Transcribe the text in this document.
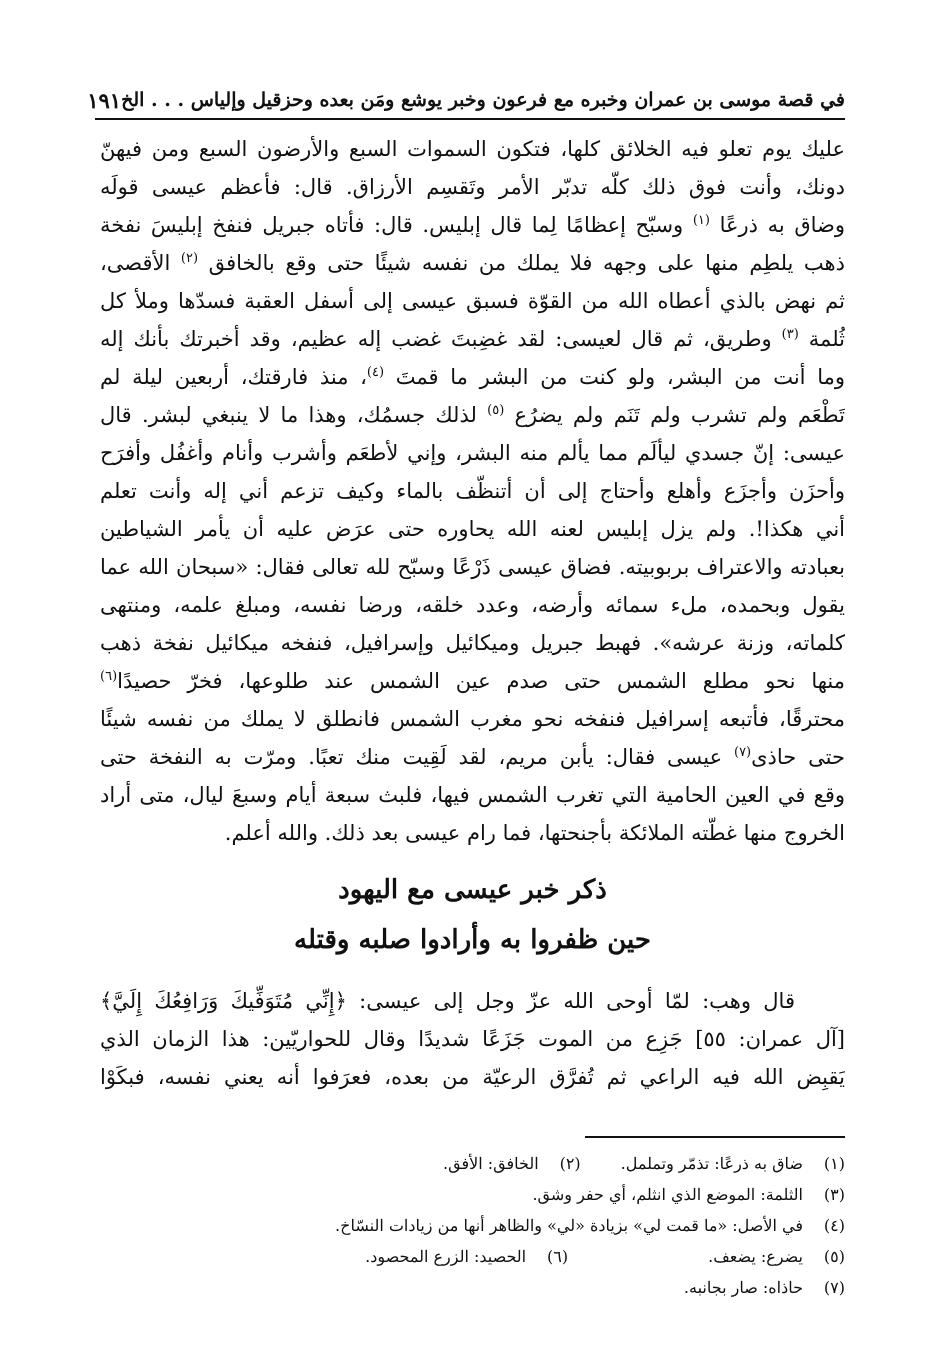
في قصة موسى بن عمران وخبره مع فرعون وخبر يوشع ومَن بعده وحزقيل وإلياس . . . الخ
١٩١
عليك يوم تعلو فيه الخلائق كلها، فتكون السموات السبع والأرضون السبع ومن فيهنّ
دونك، وأنت فوق ذلك كلّه تدبّر الأمر وتَقسِم الأرزاق. قال: فأعظم عيسى قولَه
وضاق به ذرعًا $^{(١)}$ وسبّح إعظامًا لِما قال إبليس. قال: فأتاه جبريل فنفخ إبليسَ نفخة
ذهب يلطِم منها على وجهه فلا يملك من نفسه شيئًا حتى وقع بالخافق $^{(٢)}$ الأقصى،
ثم نهض بالذي أعطاه الله من القوّة فسبق عيسى إلى أسفل العقبة فسدّها وملأ كل
ثُلمة $^{(٣)}$ وطريق، ثم قال لعيسى: لقد غضِبتَ غضب إله عظيم، وقد أخبرتك بأنك إله
وما أنت من البشر، ولو كنت من البشر ما قمتَ $^{(٤)}$، منذ فارقتك، أربعين ليلة لم
تَطْعَم ولم تشرب ولم تَنَم ولم يضرُع $^{(٥)}$ لذلك جسمُك، وهذا ما لا ينبغي لبشر. قال
عيسى: إنّ جسدي ليألَم مما يألم منه البشر، وإني لأطعَم وأشرب وأنام وأغفُل وأفرَح
وأحزَن وأجزَع وأهلع وأحتاج إلى أن أتنظّف بالماء وكيف تزعم أني إله وأنت تعلم
أني هكذا!. ولم يزل إبليس لعنه الله يحاوره حتى عرَض عليه أن يأمر الشياطين
بعبادته والاعتراف بربوبيته. فضاق عيسى ذَرْعًا وسبّح لله تعالى فقال: «سبحان الله عما
يقول وبحمده، ملء سمائه وأرضه، وعدد خلقه، ورضا نفسه، ومبلغ علمه، ومنتهى
كلماته، وزنة عرشه». فهبط جبريل وميكائيل وإسرافيل، فنفخه ميكائيل نفخة ذهب
منها نحو مطلع الشمس حتى صدم عين الشمس عند طلوعها، فخرّ حصيدًا$^{(٦)}$
محترقًا، فأتبعه إسرافيل فنفخه نحو مغرب الشمس فانطلق لا يملك من نفسه شيئًا
حتى حاذى$^{(٧)}$ عيسى فقال: يأبن مريم، لقد لَقِيت منك تعبًا. ومرّت به النفخة حتى
وقع في العين الحامية التي تغرب الشمس فيها، فلبث سبعة أيام وسبعَ ليال، متى أراد
الخروج منها غطّته الملائكة بأجنحتها، فما رام عيسى بعد ذلك. والله أعلم.
ذكر خبر عيسى مع اليهود
حين ظفروا به وأرادوا صلبه وقتله
قال وهب: لمّا أوحى الله عزّ وجل إلى عيسى: ﴿إِنِّي مُتَوَفِّيكَ وَرَافِعُكَ إِلَيَّ﴾
[آل عمران: ٥٥] جَزِع من الموت جَزَعًا شديدًا وقال للحواريّين: هذا الزمان الذي
يَقبِض الله فيه الراعي ثم تُفرَّق الرعيّة من بعده، فعرَفوا أنه يعني نفسه، فبكَوْا
(١)ضاق به ذرعًا: تذمّر وتململ.
(٢)الخافق: الأفق.
(٣)الثلمة: الموضع الذي انثلم، أي حفر وشق.
(٤)في الأصل: «ما قمت لي» بزيادة «لي» والظاهر أنها من زيادات النسّاخ.
(٥)يضرع: يضعف.
(٦)الحصيد: الزرع المحصود.
(٧)حاذاه: صار بجانبه.
